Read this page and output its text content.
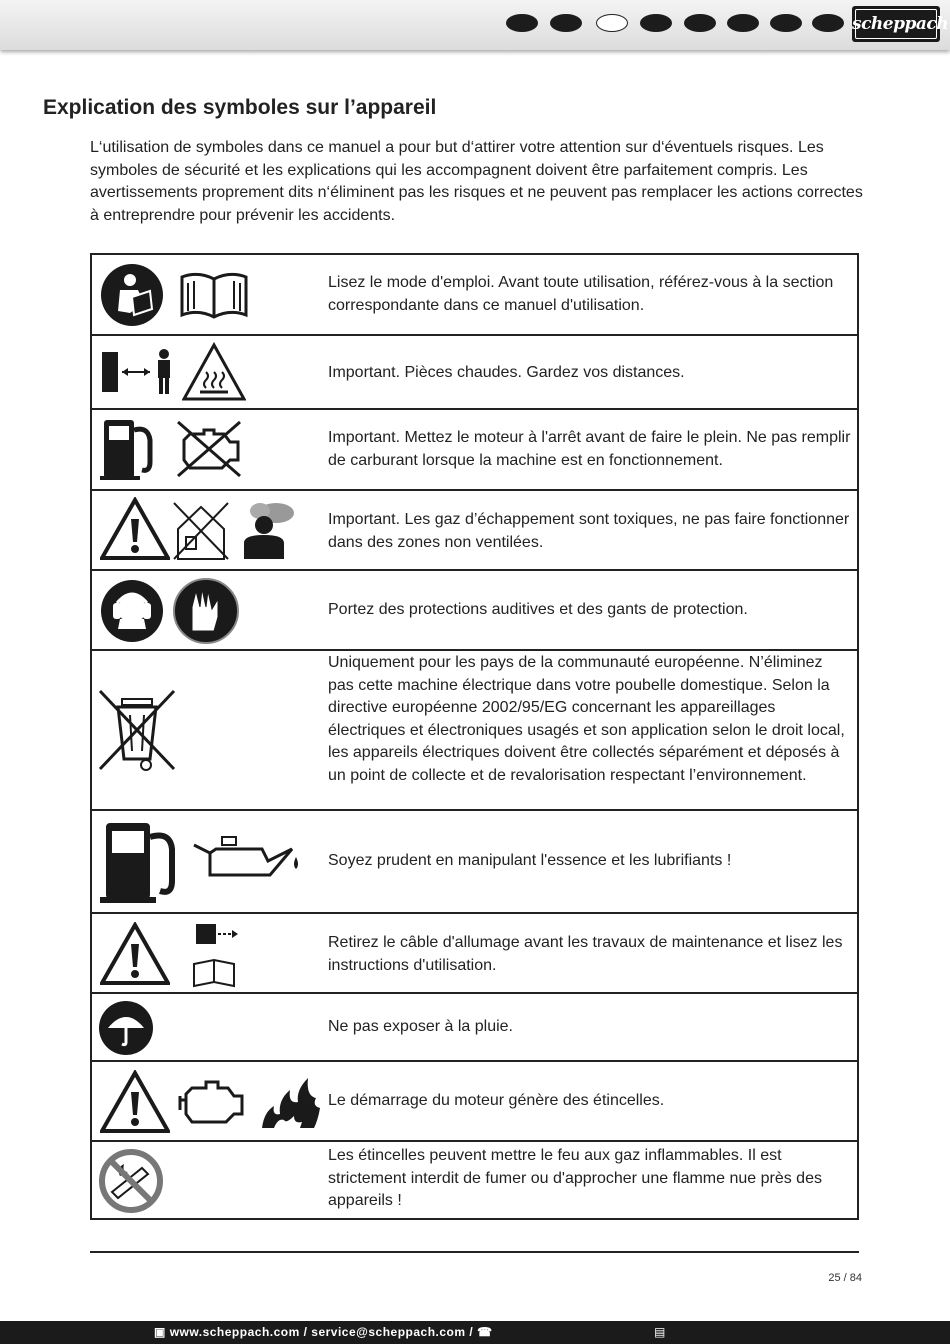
scheppach
Explication des symboles sur l’appareil

L‘utilisation de symboles dans ce manuel a pour but d‘attirer votre attention sur d‘éventuels risques. Les symboles de sécurité et les explications qui les accompagnent doivent être parfaitement compris. Les avertissements proprement dits n‘éliminent pas les risques et ne peuvent pas remplacer les actions correctes à entreprendre pour prévenir les accidents.

Lisez le mode d'emploi. Avant toute utilisation, référez-vous à la section correspondante dans ce manuel d'utilisation.
Important. Pièces chaudes. Gardez vos distances.
Important. Mettez le moteur à l'arrêt avant de faire le plein. Ne pas remplir de carburant lorsque la machine est en fonctionnement.
Important. Les gaz d’échappement sont toxiques, ne pas faire fonctionner dans des zones non ventilées.
Portez des protections auditives et des gants de protection.
Uniquement pour les pays de la communauté européenne. N’éliminez pas cette machine électrique dans votre poubelle domestique. Selon la directive européenne 2002/95/EG concernant les appareillages électriques et électroniques usagés et son application selon le droit local, les appareils électriques doivent être collectés séparément et déposés à un point de collecte et de revalorisation respectant l’environnement.
Soyez prudent en manipulant l'essence et les lubrifiants !
Retirez le câble d'allumage avant les travaux de maintenance et lisez les instructions d'utilisation.
Ne pas exposer à la pluie.
Le démarrage du moteur génère des étincelles.
Les étincelles peuvent mettre le feu aux gaz inflammables. Il est strictement interdit de fumer ou d'approcher une flamme nue près des appareils !
25 / 84
▣ www.scheppach.com / service@scheppach.com / ☎	▤
